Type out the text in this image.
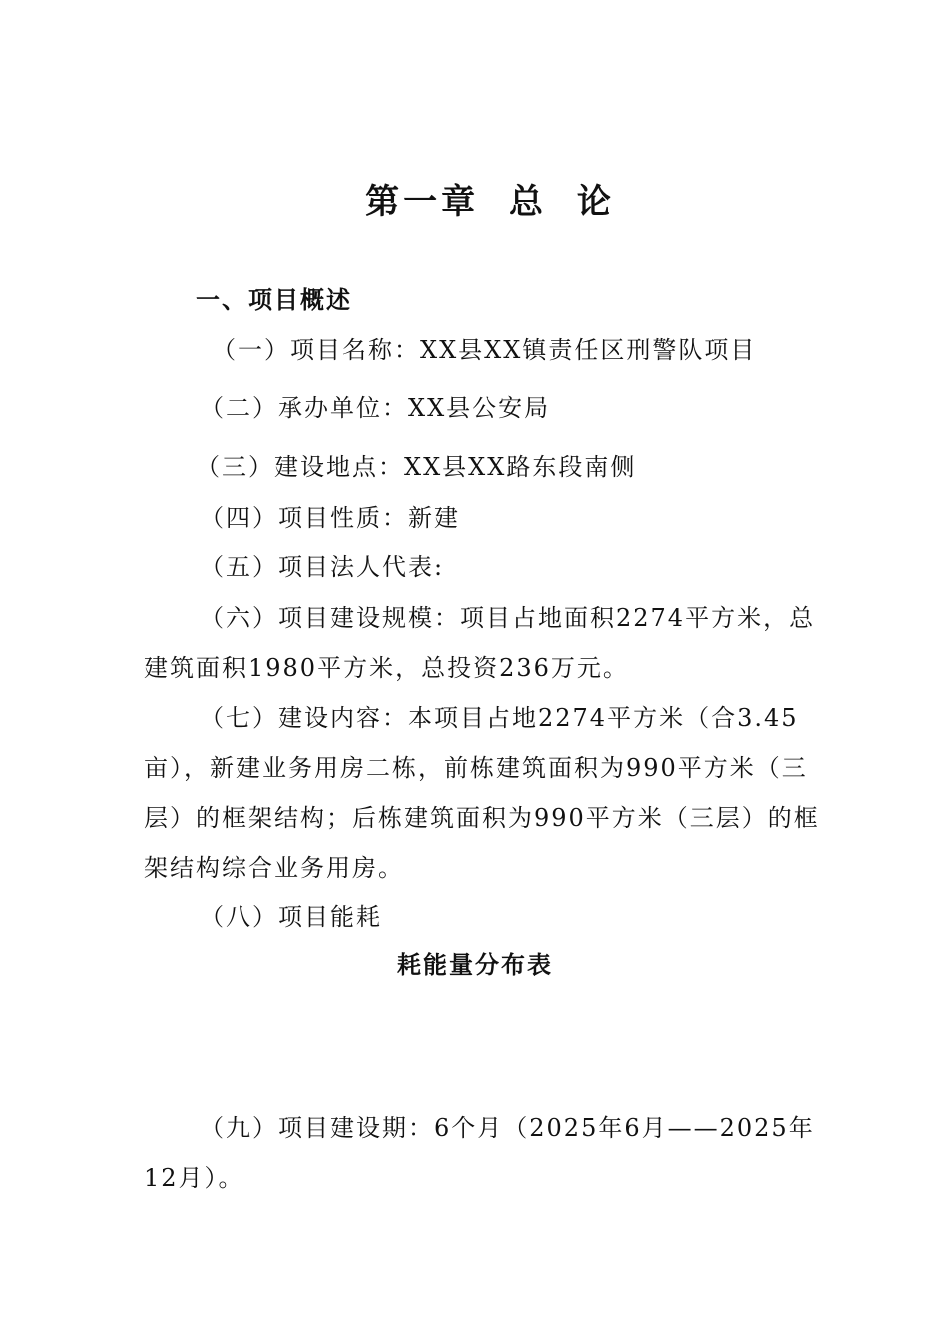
第一章 总 论
一、项目概述
（一）项目名称：XX县XX镇责任区刑警队项目
（二）承办单位：XX县公安局
（三）建设地点：XX县XX路东段南侧
（四）项目性质：新建
（五）项目法人代表:
（六）项目建设规模：项目占地面积2274平方米，总
建筑面积1980平方米，总投资236万元。
（七）建设内容：本项目占地2274平方米（合3.45
亩），新建业务用房二栋，前栋建筑面积为990平方米（三
层）的框架结构；后栋建筑面积为990平方米（三层）的框
架结构综合业务用房。
（八）项目能耗
耗能量分布表
（九）项目建设期：6个月（2025年6月——2025年
12月）。
